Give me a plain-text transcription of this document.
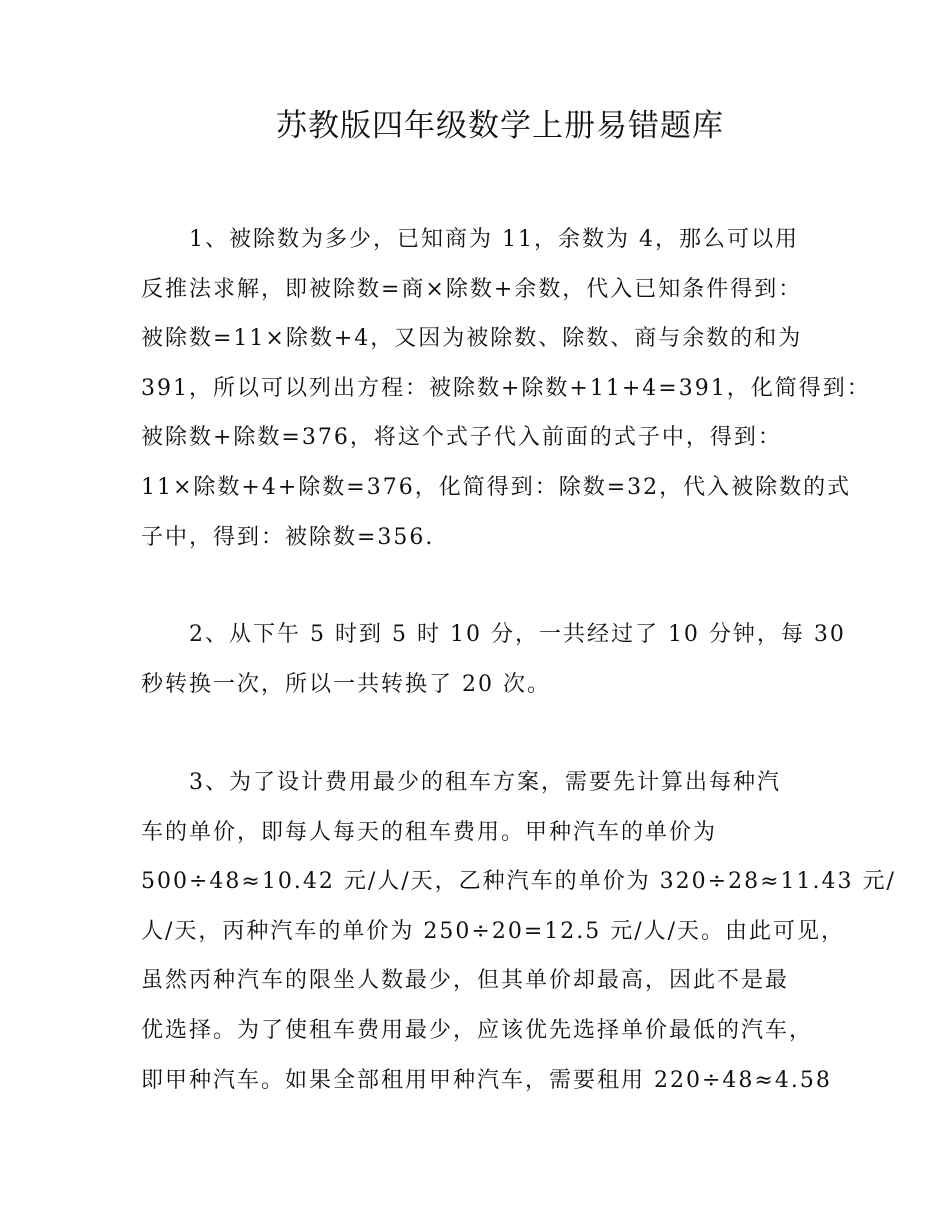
苏教版四年级数学上册易错题库
1、被除数为多少，已知商为 11，余数为 4，那么可以用
反推法求解，即被除数=商×除数+余数，代入已知条件得到：
被除数=11×除数+4，又因为被除数、除数、商与余数的和为
391，所以可以列出方程：被除数+除数+11+4=391，化简得到：
被除数+除数=376，将这个式子代入前面的式子中，得到：
11×除数+4+除数=376，化简得到：除数=32，代入被除数的式
子中，得到：被除数=356.
2、从下午 5 时到 5 时 10 分，一共经过了 10 分钟，每 30
秒转换一次，所以一共转换了 20 次。
3、为了设计费用最少的租车方案，需要先计算出每种汽
车的单价，即每人每天的租车费用。甲种汽车的单价为
500÷48≈10.42 元/人/天，乙种汽车的单价为 320÷28≈11.43 元/
人/天，丙种汽车的单价为 250÷20=12.5 元/人/天。由此可见，
虽然丙种汽车的限坐人数最少，但其单价却最高，因此不是最
优选择。为了使租车费用最少，应该优先选择单价最低的汽车，
即甲种汽车。如果全部租用甲种汽车，需要租用 220÷48≈4.58
